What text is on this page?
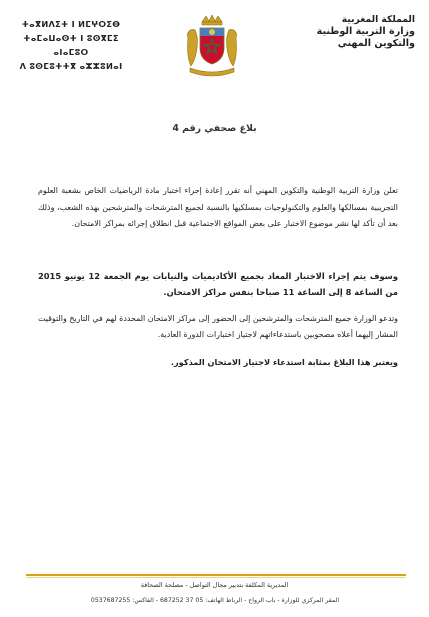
المملكة المغربية
وزارة التربية الوطنية
والتكوين المهني
ⵜⴰⴳⵍⴷⵉⵜ ⵏ ⵍⵎⵖⵔⵉⴱ
ⵜⴰⵎⴰⵡⴰⵙⵜ ⵏ ⵓⵙⴳⵎⵉ ⴰⵏⴰⵎⵓⵔ
ⴷ ⵓⵙⵎⵓⵜⵜⴳ ⴰⵣⵣⵓⵍⴰⵏ
بلاغ صحفي رقم 4
تعلن وزارة التربية الوطنية والتكوين المهني أنه تقرر إعادة إجراء اختبار مادة الرياضيات الخاص بشعبة العلوم التجريبية بمسالكها والعلوم والتكنولوجيات بمسلكيها بالنسبة لجميع المترشحات والمترشحين بهذه الشعب، وذلك بعد أن تأكد لها نشر موضوع الاختبار على بعض المواقع الاجتماعية قبل انطلاق إجرائه بمراكز الامتحان.
وسوف يتم إجراء الاختبار المعاد بجميع الأكاديميات والنيابات يوم الجمعة 12 يونيو 2015 من الساعة 8 إلى الساعة 11 صباحا بنفس مراكز الامتحان.
وتدعو الوزارة جميع المترشحات والمترشحين إلى الحضور إلى مراكز الامتحان المحددة لهم في التاريخ والتوقيت المشار إليهما أعلاه مصحوبين باستدعاءاتهم لاجتياز اختبارات الدورة العادية.
ويعتبر هذا البلاغ بمثابة استدعاء لاجتياز الامتحان المذكور.
المديرية المكلفة بتدبير مجال التواصل - مصلحة الصحافة
المقر المركزي للوزارة - باب الرواح - الرباط الهاتف: 05 37 687252 - الفاكس: 0537687255
